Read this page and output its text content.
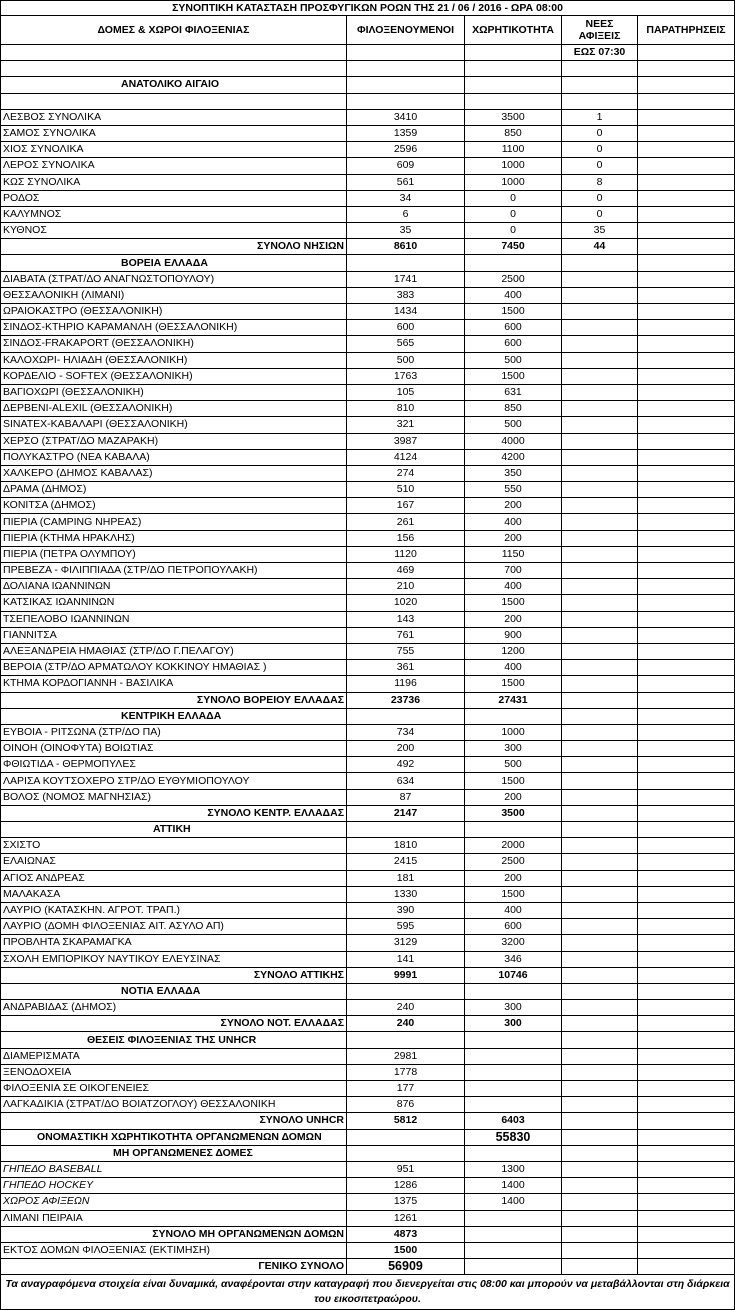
ΣΥΝΟΠΤΙΚΗ ΚΑΤΑΣΤΑΣΗ ΠΡΟΣΦΥΓΙΚΩΝ ΡΟΩΝ ΤΗΣ 21 / 06 / 2016 - ΩΡΑ 08:00				
ΔΟΜΕΣ & ΧΩΡΟΙ ΦΙΛΟΞΕΝΙΑΣ	ΦΙΛΟΞΕΝΟΥΜΕΝΟΙ	ΧΩΡΗΤΙΚΟΤΗΤΑ	ΝΕΕΣ ΑΦΙΞΕΙΣ	ΠΑΡΑΤΗΡΗΣΕΙΣ
			ΕΩΣ 07:30	

ΑΝΑΤΟΛΙΚΟ ΑΙΓΑΙΟ				

ΛΕΣΒΟΣ ΣΥΝΟΛΙΚΑ	3410	3500	1	
ΣΑΜΟΣ ΣΥΝΟΛΙΚΑ	1359	850	0	
ΧΙΟΣ ΣΥΝΟΛΙΚΑ	2596	1100	0	
ΛΕΡΟΣ ΣΥΝΟΛΙΚΑ	609	1000	0	
ΚΩΣ ΣΥΝΟΛΙΚΑ	561	1000	8	
ΡΟΔΟΣ	34	0	0	
ΚΑΛΥΜΝΟΣ	6	0	0	
ΚΥΘΝΟΣ	35	0	35	
ΣΥΝΟΛΟ ΝΗΣΙΩΝ	8610	7450	44	
ΒΟΡΕΙΑ ΕΛΛΑΔΑ				
ΔΙΑΒΑΤΑ (ΣΤΡΑΤ/ΔΟ ΑΝΑΓΝΩΣΤΟΠΟΥΛΟΥ)	1741	2500		
ΘΕΣΣΑΛΟΝΙΚΗ (ΛΙΜΑΝΙ)	383	400		
ΩΡΑΙΟΚΑΣΤΡΟ (ΘΕΣΣΑΛΟΝΙΚΗ)	1434	1500		
ΣΙΝΔΟΣ-ΚΤΗΡΙΟ ΚΑΡΑΜΑΝΛΗ (ΘΕΣΣΑΛΟΝΙΚΗ)	600	600		
ΣΙΝΔΟΣ-FRAKAPORT (ΘΕΣΣΑΛΟΝΙΚΗ)	565	600		
ΚΑΛΟΧΩΡΙ- ΗΛΙΑΔΗ (ΘΕΣΣΑΛΟΝΙΚΗ)	500	500		
ΚΟΡΔΕΛΙΟ - SOFTEX (ΘΕΣΣΑΛΟΝΙΚΗ)	1763	1500		
ΒΑΓΙΟΧΩΡΙ (ΘΕΣΣΑΛΟΝΙΚΗ)	105	631		
ΔΕΡΒΕΝΙ-ALEXIL (ΘΕΣΣΑΛΟΝΙΚΗ)	810	850		
SINATEX-ΚΑΒΑΛΑΡΙ (ΘΕΣΣΑΛΟΝΙΚΗ)	321	500		
ΧΕΡΣΟ (ΣΤΡΑΤ/ΔΟ ΜΑΖΑΡΑΚΗ)	3987	4000		
ΠΟΛΥΚΑΣΤΡΟ (ΝΕΑ ΚΑΒΑΛΑ)	4124	4200		
ΧΑΛΚΕΡΟ (ΔΗΜΟΣ ΚΑΒΑΛΑΣ)	274	350		
ΔΡΑΜΑ (ΔΗΜΟΣ)	510	550		
ΚΟΝΙΤΣΑ (ΔΗΜΟΣ)	167	200		
ΠΙΕΡΙΑ (CAMPING ΝΗΡΕΑΣ)	261	400		
ΠΙΕΡΙΑ (ΚΤΗΜΑ ΗΡΑΚΛΗΣ)	156	200		
ΠΙΕΡΙΑ (ΠΕΤΡΑ ΟΛΥΜΠΟΥ)	1120	1150		
ΠΡΕΒΕΖΑ - ΦΙΛΙΠΠΙΑΔΑ (ΣΤΡ/ΔΟ ΠΕΤΡΟΠΟΥΛΑΚΗ)	469	700		
ΔΟΛΙΑΝΑ ΙΩΑΝΝΙΝΩΝ	210	400		
ΚΑΤΣΙΚΑΣ ΙΩΑΝΝΙΝΩΝ	1020	1500		
ΤΣΕΠΕΛΟΒΟ ΙΩΑΝΝΙΝΩΝ	143	200		
ΓΙΑΝΝΙΤΣΑ	761	900		
ΑΛΕΞΑΝΔΡΕΙΑ ΗΜΑΘΙΑΣ (ΣΤΡ/ΔΟ Γ.ΠΕΛΑΓΟΥ)	755	1200		
ΒΕΡΟΙΑ (ΣΤΡ/ΔΟ ΑΡΜΑΤΩΛΟΥ ΚΟΚΚΙΝΟΥ ΗΜΑΘΙΑΣ )	361	400		
ΚΤΗΜΑ ΚΟΡΔΟΓΙΑΝΝΗ - ΒΑΣΙΛΙΚΑ	1196	1500		
ΣΥΝΟΛΟ ΒΟΡΕΙΟΥ ΕΛΛΑΔΑΣ	23736	27431		
ΚΕΝΤΡΙΚΗ ΕΛΛΑΔΑ				
ΕΥΒΟΙΑ - ΡΙΤΣΩΝΑ (ΣΤΡ/ΔΟ ΠΑ)	734	1000		
ΟΙΝΟΗ (ΟΙΝΟΦΥΤΑ) ΒΟΙΩΤΙΑΣ	200	300		
ΦΘΙΩΤΙΔΑ - ΘΕΡΜΟΠΥΛΕΣ	492	500		
ΛΑΡΙΣΑ ΚΟΥΤΣΟΧΕΡΟ ΣΤΡ/ΔΟ ΕΥΘΥΜΙΟΠΟΥΛΟΥ	634	1500		
ΒΟΛΟΣ (ΝΟΜΟΣ ΜΑΓΝΗΣΙΑΣ)	87	200		
ΣΥΝΟΛΟ ΚΕΝΤΡ. ΕΛΛΑΔΑΣ	2147	3500		
ΑΤΤΙΚΗ				
ΣΧΙΣΤΟ	1810	2000		
ΕΛΑΙΩΝΑΣ	2415	2500		
ΑΓΙΟΣ ΑΝΔΡΕΑΣ	181	200		
ΜΑΛΑΚΑΣΑ	1330	1500		
ΛΑΥΡΙΟ (ΚΑΤΑΣΚΗΝ. ΑΓΡΟΤ. ΤΡΑΠ.)	390	400		
ΛΑΥΡΙΟ (ΔΟΜΗ ΦΙΛΟΞΕΝΙΑΣ ΑΙΤ. ΑΣΥΛΟ ΑΠ)	595	600		
ΠΡΟΒΛΗΤΑ ΣΚΑΡΑΜΑΓΚΑ	3129	3200		
ΣΧΟΛΗ ΕΜΠΟΡΙΚΟΥ ΝΑΥΤΙΚΟΥ ΕΛΕΥΣΙΝΑΣ	141	346		
ΣΥΝΟΛΟ ΑΤΤΙΚΗΣ	9991	10746		
ΝΟΤΙΑ ΕΛΛΑΔΑ				
ΑΝΔΡΑΒΙΔΑΣ (ΔΗΜΟΣ)	240	300		
ΣΥΝΟΛΟ ΝΟΤ. ΕΛΛΑΔΑΣ	240	300		
ΘΕΣΕΙΣ ΦΙΛΟΞΕΝΙΑΣ ΤΗΣ UNHCR				
ΔΙΑΜΕΡΙΣΜΑΤΑ	2981			
ΞΕΝΟΔΟΧΕΙΑ	1778			
ΦΙΛΟΞΕΝΙΑ ΣΕ ΟΙΚΟΓΕΝΕΙΕΣ	177			
ΛΑΓΚΑΔΙΚΙΑ (ΣΤΡΑΤ/ΔΟ ΒΟΙΑΤΖΟΓΛΟΥ) ΘΕΣΣΑΛΟΝΙΚΗ	876			
ΣΥΝΟΛΟ UNHCR	5812	6403		
ΟΝΟΜΑΣΤΙΚΗ ΧΩΡΗΤΙΚΟΤΗΤΑ ΟΡΓΑΝΩΜΕΝΩΝ ΔΟΜΩΝ		55830		
ΜΗ ΟΡΓΑΝΩΜΕΝΕΣ ΔΟΜΕΣ				
ΓΗΠΕΔΟ BASEBALL	951	1300		
ΓΗΠΕΔΟ HOCKEY	1286	1400		
ΧΩΡΟΣ ΑΦΙΞΕΩΝ	1375	1400		
ΛΙΜΑΝΙ ΠΕΙΡΑΙΑ	1261			
ΣΥΝΟΛΟ ΜΗ ΟΡΓΑΝΩΜΕΝΩΝ ΔΟΜΩΝ	4873			
ΕΚΤΟΣ ΔΟΜΩΝ ΦΙΛΟΞΕΝΙΑΣ (ΕΚΤΙΜΗΣΗ)	1500			
ΓΕΝΙΚΟ ΣΥΝΟΛΟ	56909			
Τα αναγραφόμενα στοιχεία είναι δυναμικά, αναφέρονται στην καταγραφή που διενεργείται στις 08:00 και μπορούν να μεταβάλλονται στη διάρκεια του εικοσιτετραώρου.				
